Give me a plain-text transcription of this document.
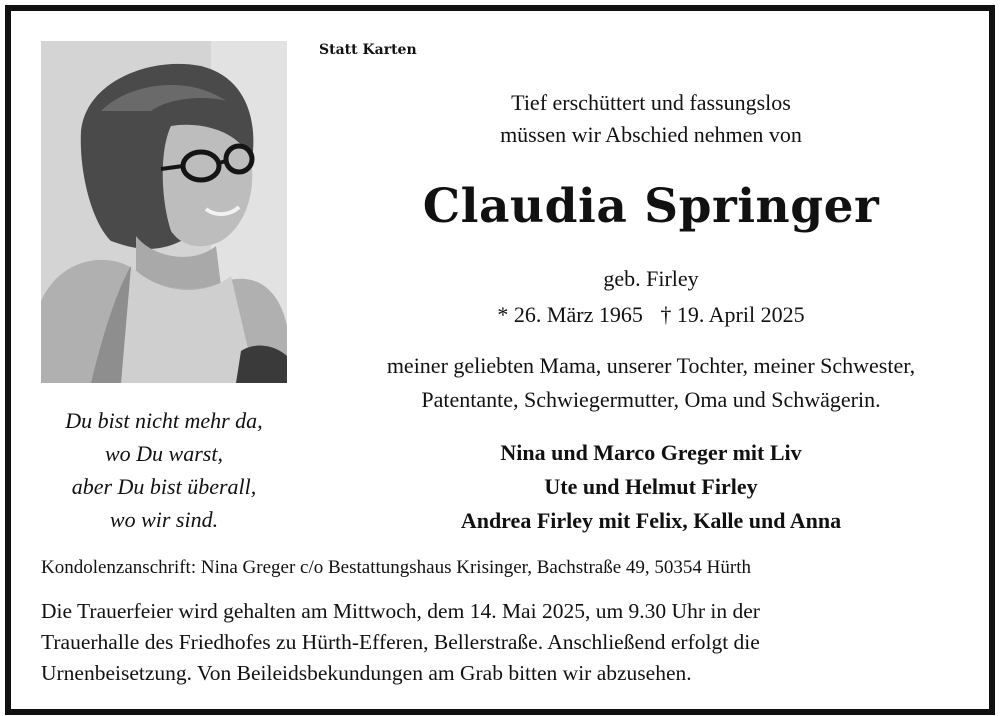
Statt Karten
Tief erschüttert und fassungslos
müssen wir Abschied nehmen von
Claudia Springer
geb. Firley
* 26. März 1965 † 19. April 2025
meiner geliebten Mama, unserer Tochter, meiner Schwester,
Patentante, Schwiegermutter, Oma und Schwägerin.
Nina und Marco Greger mit Liv
Ute und Helmut Firley
Andrea Firley mit Felix, Kalle und Anna
Du bist nicht mehr da,
wo Du warst,
aber Du bist überall,
wo wir sind.
Kondolenzanschrift: Nina Greger c/o Bestattungshaus Krisinger, Bachstraße 49, 50354 Hürth
Die Trauerfeier wird gehalten am Mittwoch, dem 14. Mai 2025, um 9.30 Uhr in der
Trauerhalle des Friedhofes zu Hürth-Efferen, Bellerstraße. Anschließend erfolgt die
Urnenbeisetzung. Von Beileidsbekundungen am Grab bitten wir abzusehen.
